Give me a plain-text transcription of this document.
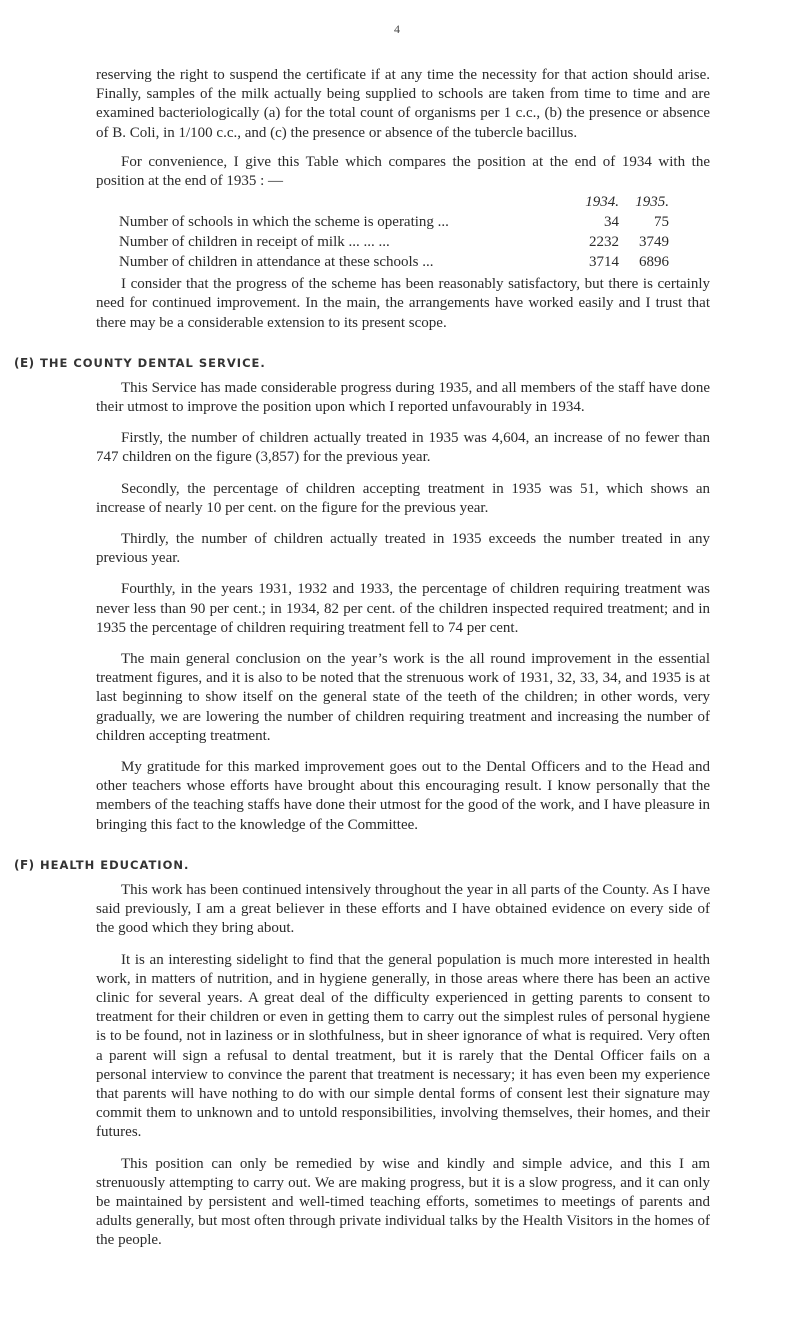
4

reserving the right to suspend the certificate if at any time the necessity for that action should arise. Finally, samples of the milk actually being supplied to schools are taken from time to time and are examined bacteriologically (a) for the total count of organisms per 1 c.c., (b) the presence or absence of B. Coli, in 1/100 c.c., and (c) the presence or absence of the tubercle bacillus.

For convenience, I give this Table which compares the position at the end of 1934 with the position at the end of 1935 : —

	1934.	1935.
Number of schools in which the scheme is operating ...	34	75
Number of children in receipt of milk ... ... ...	2232	3749
Number of children in attendance at these schools ...	3714	6896

I consider that the progress of the scheme has been reasonably satisfactory, but there is certainly need for continued improvement. In the main, the arrangements have worked easily and I trust that there may be a considerable extension to its present scope.

(E) THE COUNTY DENTAL SERVICE.

This Service has made considerable progress during 1935, and all members of the staff have done their utmost to improve the position upon which I reported unfavourably in 1934.

Firstly, the number of children actually treated in 1935 was 4,604, an increase of no fewer than 747 children on the figure (3,857) for the previous year.

Secondly, the percentage of children accepting treatment in 1935 was 51, which shows an increase of nearly 10 per cent. on the figure for the previous year.

Thirdly, the number of children actually treated in 1935 exceeds the number treated in any previous year.

Fourthly, in the years 1931, 1932 and 1933, the percentage of children requiring treatment was never less than 90 per cent.; in 1934, 82 per cent. of the children inspected required treatment; and in 1935 the percentage of children requiring treatment fell to 74 per cent.

The main general conclusion on the year’s work is the all round improvement in the essential treatment figures, and it is also to be noted that the strenuous work of 1931, 32, 33, 34, and 1935 is at last beginning to show itself on the general state of the teeth of the children; in other words, very gradually, we are lowering the number of children requiring treatment and increasing the number of children accepting treatment.

My gratitude for this marked improvement goes out to the Dental Officers and to the Head and other teachers whose efforts have brought about this encouraging result. I know personally that the members of the teaching staffs have done their utmost for the good of the work, and I have pleasure in bringing this fact to the knowledge of the Committee.

(F) HEALTH EDUCATION.

This work has been continued intensively throughout the year in all parts of the County. As I have said previously, I am a great believer in these efforts and I have obtained evidence on every side of the good which they bring about.

It is an interesting sidelight to find that the general population is much more interested in health work, in matters of nutrition, and in hygiene generally, in those areas where there has been an active clinic for several years. A great deal of the difficulty experienced in getting parents to consent to treatment for their children or even in getting them to carry out the simplest rules of personal hygiene is to be found, not in laziness or in slothfulness, but in sheer ignorance of what is required. Very often a parent will sign a refusal to dental treatment, but it is rarely that the Dental Officer fails on a personal interview to convince the parent that treatment is necessary; it has even been my experience that parents will have nothing to do with our simple dental forms of consent lest their signature may commit them to unknown and to untold responsibilities, involving themselves, their homes, and their futures.

This position can only be remedied by wise and kindly and simple advice, and this I am strenuously attempting to carry out. We are making progress, but it is a slow progress, and it can only be maintained by persistent and well-timed teaching efforts, sometimes to meetings of parents and adults generally, but most often through private individual talks by the Health Visitors in the homes of the people.
